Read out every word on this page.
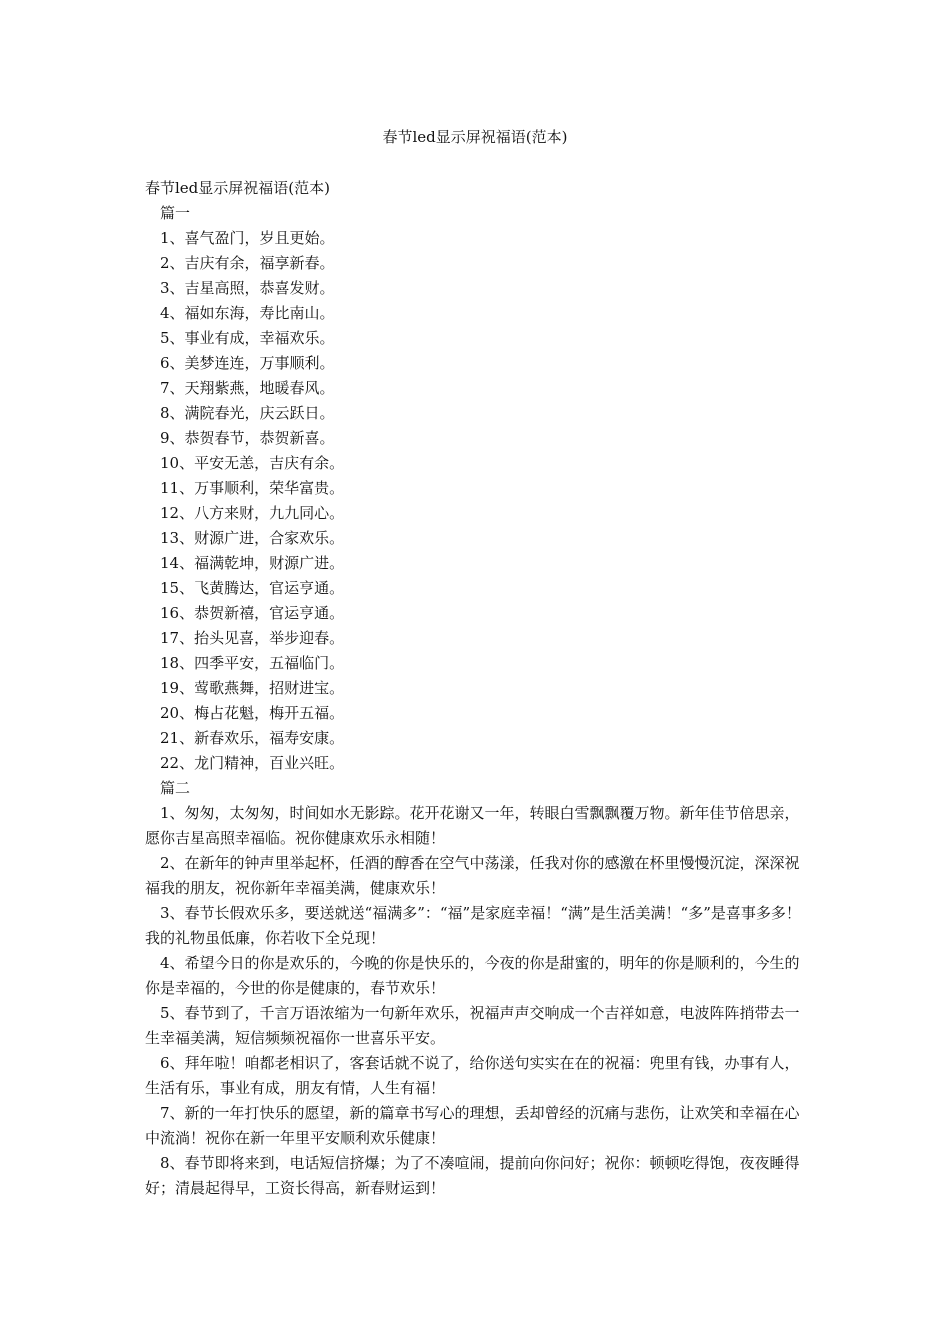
春节led显示屏祝福语(范本)
春节led显示屏祝福语(范本)
篇一
1、喜气盈门，岁且更始。
2、吉庆有余，福享新春。
3、吉星高照，恭喜发财。
4、福如东海，寿比南山。
5、事业有成，幸福欢乐。
6、美梦连连，万事顺利。
7、天翔紫燕，地暖春风。
8、满院春光，庆云跃日。
9、恭贺春节，恭贺新喜。
10、平安无恙，吉庆有余。
11、万事顺利，荣华富贵。
12、八方来财，九九同心。
13、财源广进，合家欢乐。
14、福满乾坤，财源广进。
15、飞黄腾达，官运亨通。
16、恭贺新禧，官运亨通。
17、抬头见喜，举步迎春。
18、四季平安，五福临门。
19、莺歌燕舞，招财进宝。
20、梅占花魁，梅开五福。
21、新春欢乐，福寿安康。
22、龙门精神，百业兴旺。
篇二

1、匆匆，太匆匆，时间如水无影踪。花开花谢又一年，转眼白雪飘飘覆万物。新年佳节倍思亲，愿你吉星高照幸福临。祝你健康欢乐永相随！

2、在新年的钟声里举起杯，任酒的醇香在空气中荡漾，任我对你的感激在杯里慢慢沉淀，深深祝福我的朋友，祝你新年幸福美满，健康欢乐！

3、春节长假欢乐多，要送就送“福满多”：“福”是家庭幸福！“满”是生活美满！“多”是喜事多多！我的礼物虽低廉，你若收下全兑现！

4、希望今日的你是欢乐的，今晚的你是快乐的，今夜的你是甜蜜的，明年的你是顺利的，今生的你是幸福的，今世的你是健康的，春节欢乐！

5、春节到了，千言万语浓缩为一句新年欢乐，祝福声声交响成一个吉祥如意，电波阵阵捎带去一生幸福美满，短信频频祝福你一世喜乐平安。

6、拜年啦！咱都老相识了，客套话就不说了，给你送句实实在在的祝福：兜里有钱，办事有人，生活有乐，事业有成，朋友有情，人生有福！

7、新的一年打快乐的愿望，新的篇章书写心的理想，丢却曾经的沉痛与悲伤，让欢笑和幸福在心中流淌！祝你在新一年里平安顺利欢乐健康！

8、春节即将来到，电话短信挤爆；为了不凑喧闹，提前向你问好；祝你：顿顿吃得饱，夜夜睡得好；清晨起得早，工资长得高，新春财运到！
